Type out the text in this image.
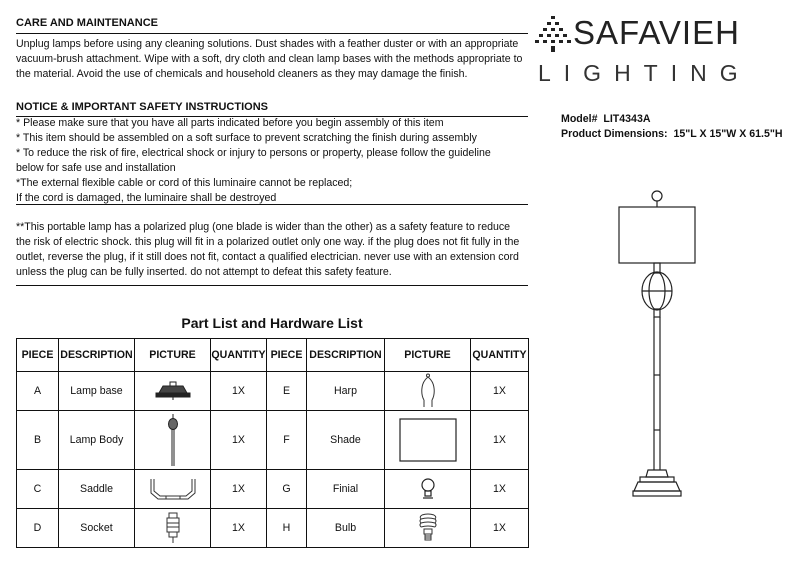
CARE AND MAINTENANCE
Unplug lamps before using any cleaning solutions. Dust shades with a feather duster or with an appropriate
vacuum-brush attachment. Wipe with a soft, dry cloth and clean lamp bases with the methods appropriate to
the material. Avoid the use of chemicals and household cleaners as they may damage the finish.
NOTICE & IMPORTANT SAFETY INSTRUCTIONS
* Please make sure that you have all parts indicated before you begin assembly of this item
* This item should be assembled on a soft surface to prevent scratching the finish during assembly
* To reduce the risk of fire, electrical shock or injury to persons or property, please follow the guideline
below for safe use and installation
*The external flexible cable or cord of this luminaire cannot be replaced;
If the cord is damaged, the luminaire shall be destroyed
**This portable lamp has a polarized plug (one blade is wider than the other) as a safety feature to reduce
the risk of electric shock. this plug will fit in a polarized outlet only one way. if the plug does not fit fully in the
outlet, reverse the plug, if it still does not fit, contact a qualified electrician. never use with an extension cord
unless the plug can be fully inserted. do not attempt to defeat this safety feature.
SAFAVIEH
LIGHTING
Model# LIT4343A
Product Dimensions: 15"L X 15"W X 61.5"H
Part List and Hardware List
PIECE	DESCRIPTION	PICTURE	QUANTITY	PIECE	DESCRIPTION	PICTURE	QUANTITY
A	Lamp base		1X	E	Harp		1X
B	Lamp Body		1X	F	Shade		1X
C	Saddle		1X	G	Finial		1X
D	Socket		1X	H	Bulb		1X
